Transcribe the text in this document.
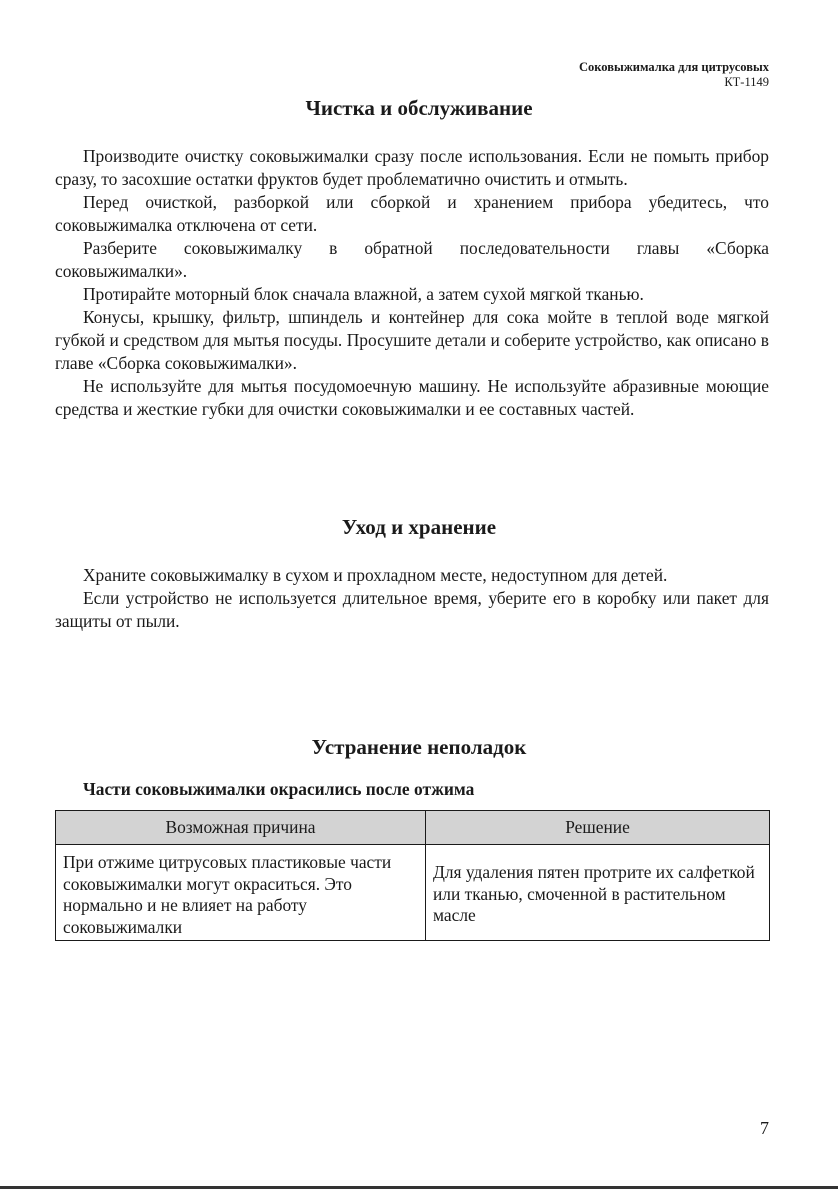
Соковыжималка для цитрусовых
КТ-1149
Чистка и обслуживание

Производите очистку соковыжималки сразу после использования. Если не помыть прибор сразу, то засохшие остатки фруктов будет проблематично очистить и отмыть.

Перед очисткой, разборкой или сборкой и хранением прибора убедитесь, что соковыжималка отключена от сети.

Разберите соковыжималку в обратной последовательности главы «Сборка соковыжималки».

Протирайте моторный блок сначала влажной, а затем сухой мягкой тканью.

Конусы, крышку, фильтр, шпиндель и контейнер для сока мойте в теплой воде мягкой губкой и средством для мытья посуды. Просушите детали и соберите устройство, как описано в главе «Сборка соковыжималки».

Не используйте для мытья посудомоечную машину. Не используйте абразивные моющие средства и жесткие губки для очистки соковыжималки и ее составных частей.

Уход и хранение

Храните соковыжималку в сухом и прохладном месте, недоступном для детей.

Если устройство не используется длительное время, уберите его в коробку или пакет для защиты от пыли.

Устранение неполадок
Части соковыжималки окрасились после отжима
Возможная причина	Решение
При отжиме цитрусовых пластиковые части соковыжималки могут окраситься. Это нормально и не влияет на работу соковыжималки	Для удаления пятен протрите их салфеткой или тканью, смоченной в растительном масле
7
